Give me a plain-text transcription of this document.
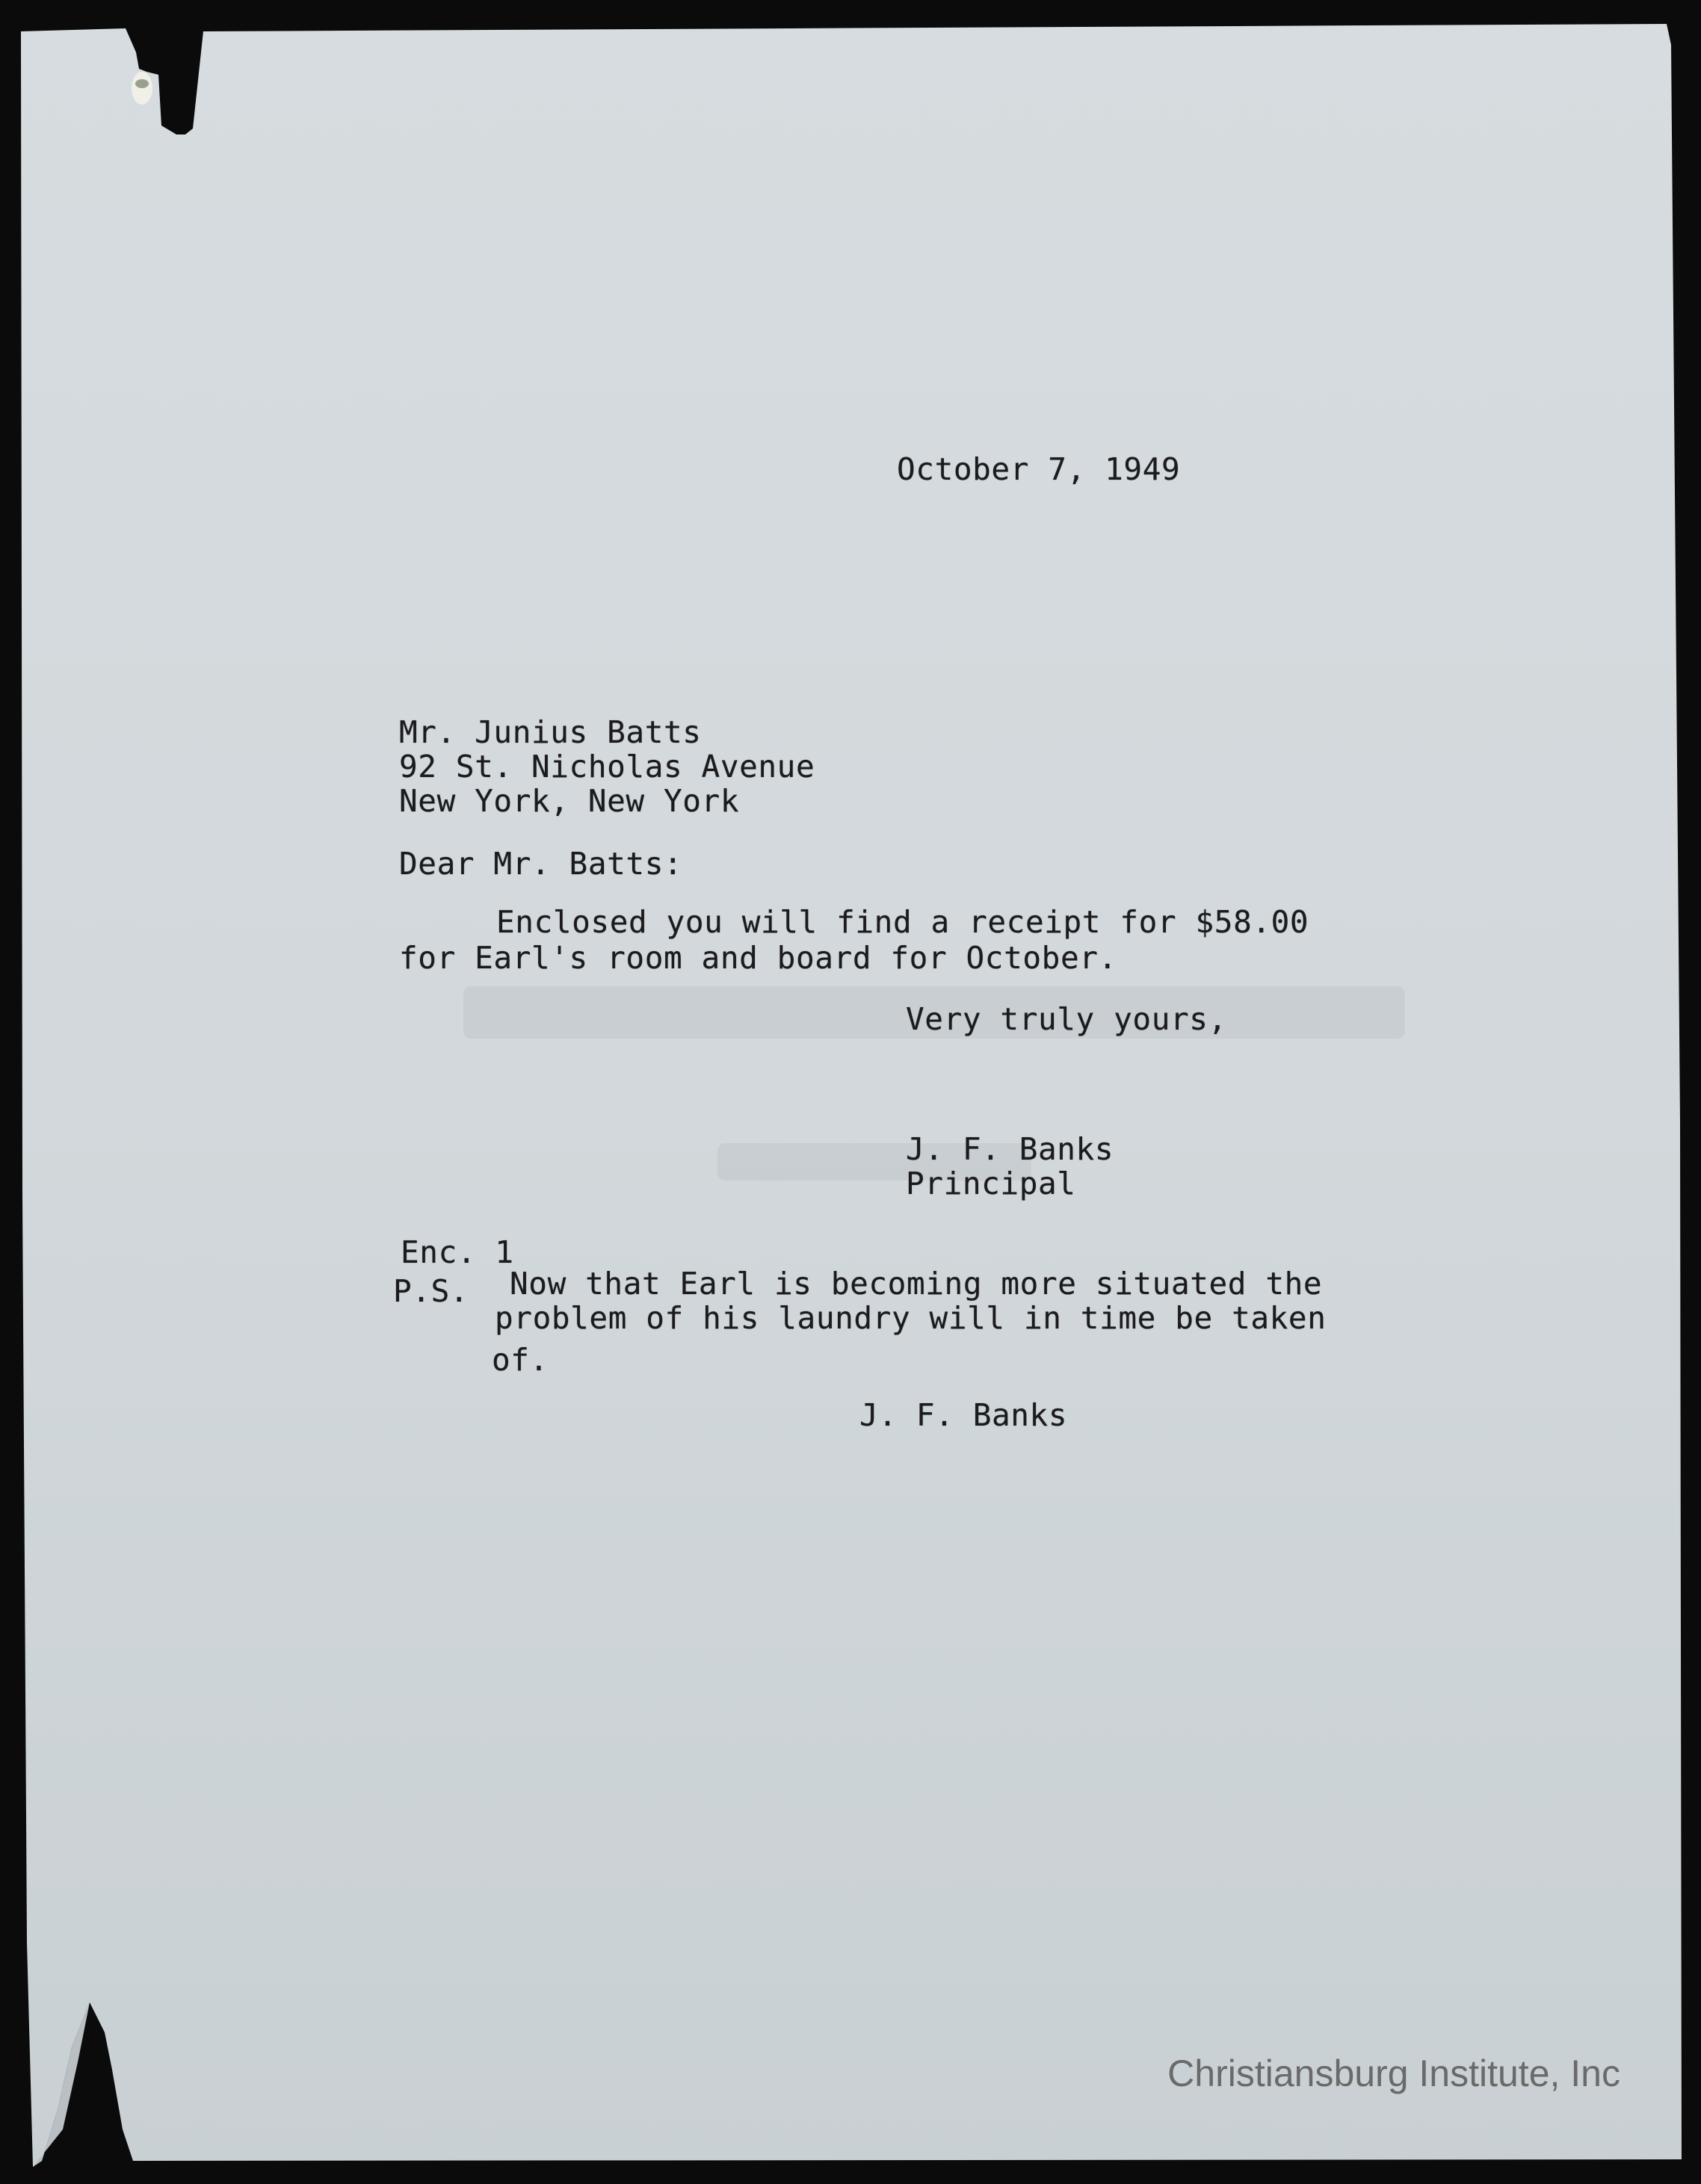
October 7, 1949

Mr. Junius Batts

92 St. Nicholas Avenue

New York, New York

Dear Mr. Batts:

Enclosed you will find a receipt for $58.00

for Earl's room and board for October.

Very truly yours,

J. F. Banks

Principal

Enc. 1

P.S. Now that Earl is becoming more situated the

problem of his laundry will in time be taken

of.

J. F. Banks

Christiansburg Institute, Inc
